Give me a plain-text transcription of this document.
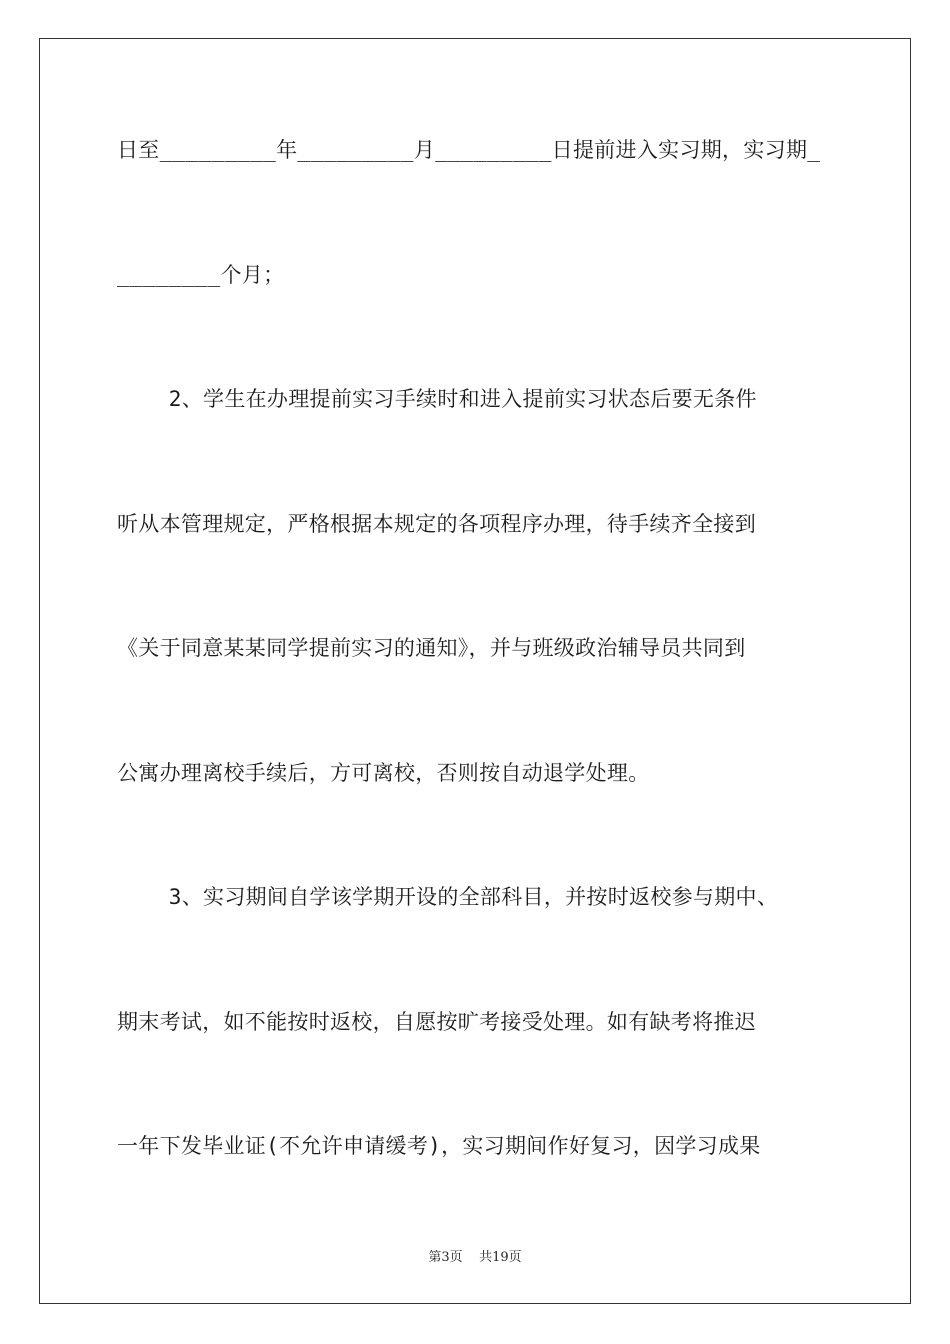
日至_________年_________月_________日提前进入实习期，实习期_
________个月；
2、学生在办理提前实习手续时和进入提前实习状态后要无条件
听从本管理规定，严格根据本规定的各项程序办理，待手续齐全接到
《关于同意某某同学提前实习的通知》，并与班级政治辅导员共同到
公寓办理离校手续后，方可离校，否则按自动退学处理。
3、实习期间自学该学期开设的全部科目，并按时返校参与期中、
期末考试，如不能按时返校，自愿按旷考接受处理。如有缺考将推迟
一年下发毕业证(不允许申请缓考)，实习期间作好复习，因学习成果
第3页 共19页
